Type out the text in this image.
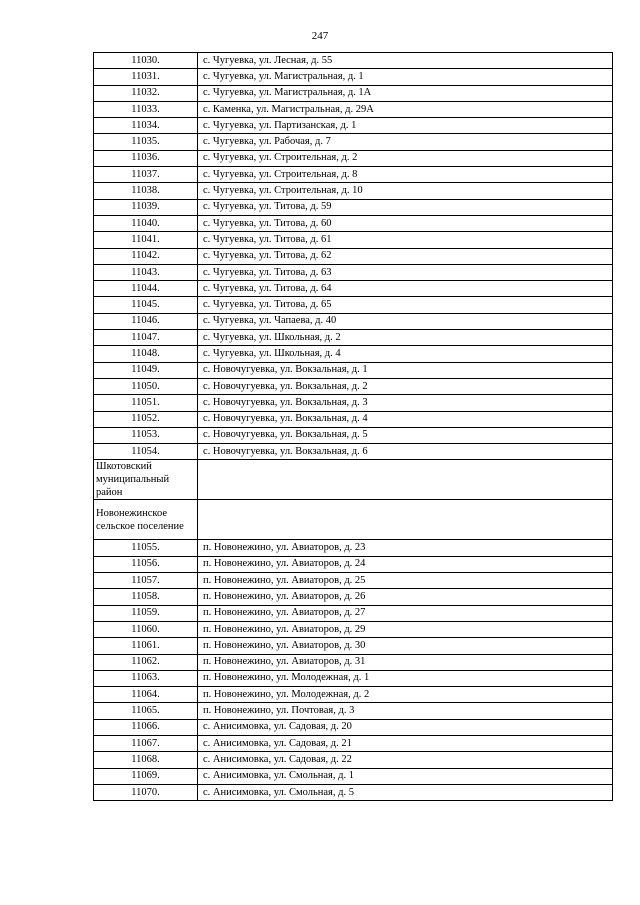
247
11030.	с. Чугуевка, ул. Лесная, д. 55
11031.	с. Чугуевка, ул. Магистральная, д. 1
11032.	с. Чугуевка, ул. Магистральная, д. 1А
11033.	с. Каменка, ул. Магистральная, д. 29А
11034.	с. Чугуевка, ул. Партизанская, д. 1
11035.	с. Чугуевка, ул. Рабочая, д. 7
11036.	с. Чугуевка, ул. Строительная, д. 2
11037.	с. Чугуевка, ул. Строительная, д. 8
11038.	с. Чугуевка, ул. Строительная, д. 10
11039.	с. Чугуевка, ул. Титова, д. 59
11040.	с. Чугуевка, ул. Титова, д. 60
11041.	с. Чугуевка, ул. Титова, д. 61
11042.	с. Чугуевка, ул. Титова, д. 62
11043.	с. Чугуевка, ул. Титова, д. 63
11044.	с. Чугуевка, ул. Титова, д. 64
11045.	с. Чугуевка, ул. Титова, д. 65
11046.	с. Чугуевка, ул. Чапаева, д. 40
11047.	с. Чугуевка, ул. Школьная, д. 2
11048.	с. Чугуевка, ул. Школьная, д. 4
11049.	с. Новочугуевка, ул. Вокзальная, д. 1
11050.	с. Новочугуевка, ул. Вокзальная, д. 2
11051.	с. Новочугуевка, ул. Вокзальная, д. 3
11052.	с. Новочугуевка, ул. Вокзальная, д. 4
11053.	с. Новочугуевка, ул. Вокзальная, д. 5
11054.	с. Новочугуевка, ул. Вокзальная, д. 6
Шкотовский муниципальный район	
Новонежинское сельское поселение	
11055.	п. Новонежино, ул. Авиаторов, д. 23
11056.	п. Новонежино, ул. Авиаторов, д. 24
11057.	п. Новонежино, ул. Авиаторов, д. 25
11058.	п. Новонежино, ул. Авиаторов, д. 26
11059.	п. Новонежино, ул. Авиаторов, д. 27
11060.	п. Новонежино, ул. Авиаторов, д. 29
11061.	п. Новонежино, ул. Авиаторов, д. 30
11062.	п. Новонежино, ул. Авиаторов, д. 31
11063.	п. Новонежино, ул. Молодежная, д. 1
11064.	п. Новонежино, ул. Молодежная, д. 2
11065.	п. Новонежино, ул. Почтовая, д. 3
11066.	с. Анисимовка, ул. Садовая, д. 20
11067.	с. Анисимовка, ул. Садовая, д. 21
11068.	с. Анисимовка, ул. Садовая, д. 22
11069.	с. Анисимовка, ул. Смольная, д. 1
11070.	с. Анисимовка, ул. Смольная, д. 5
